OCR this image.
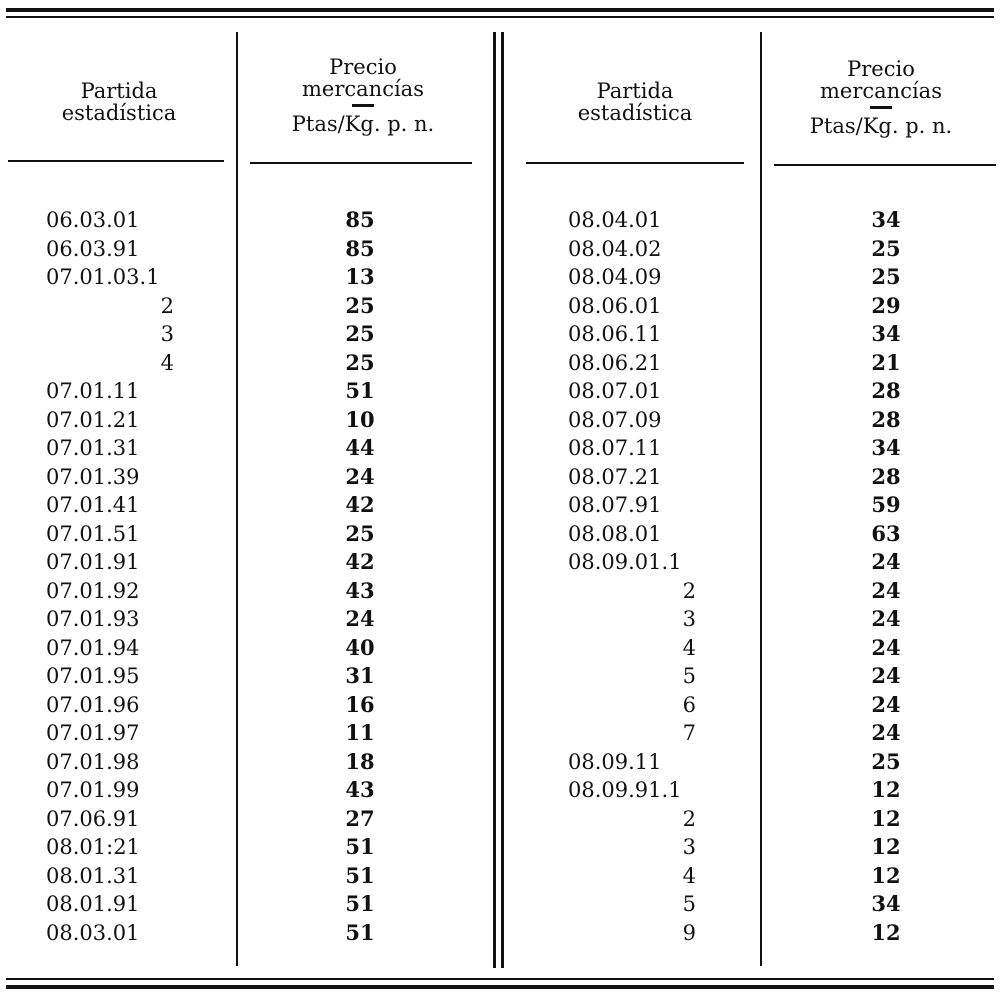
Partida
estadística
Precio
mercancías
Ptas/Kg. p. n.
Partida
estadística
Precio
mercancías
Ptas/Kg. p. n.
06.03.01
06.03.91
07.01.03.1
2
3
4
07.01.11
07.01.21
07.01.31
07.01.39
07.01.41
07.01.51
07.01.91
07.01.92
07.01.93
07.01.94
07.01.95
07.01.96
07.01.97
07.01.98
07.01.99
07.06.91
08.01:21
08.01.31
08.01.91
08.03.01
85
85
13
25
25
25
51
10
44
24
42
25
42
43
24
40
31
16
11
18
43
27
51
51
51
51
08.04.01
08.04.02
08.04.09
08.06.01
08.06.11
08.06.21
08.07.01
08.07.09
08.07.11
08.07.21
08.07.91
08.08.01
08.09.01.1
2
3
4
5
6
7
08.09.11
08.09.91.1
2
3
4
5
9
34
25
25
29
34
21
28
28
34
28
59
63
24
24
24
24
24
24
24
25
12
12
12
12
34
12
